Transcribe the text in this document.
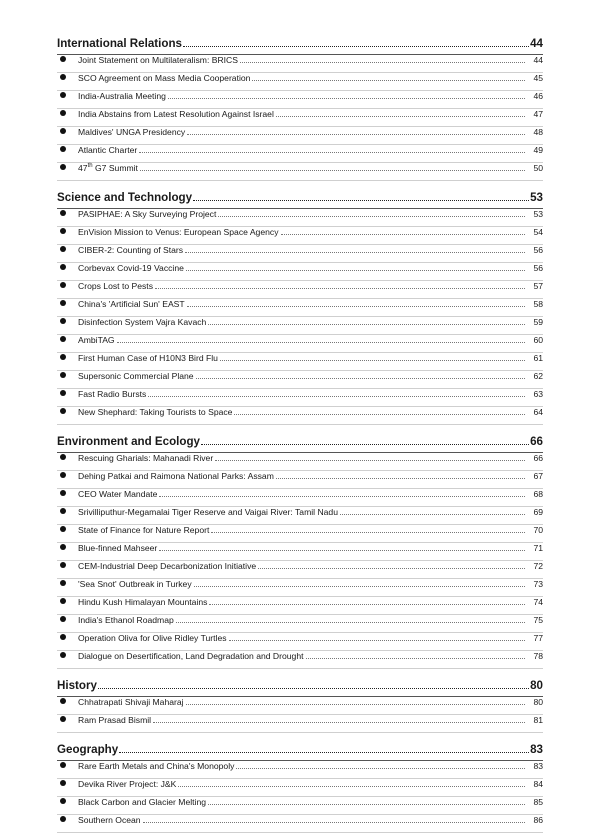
International Relations	44
Joint Statement on Multilateralism: BRICS	44
SCO Agreement on Mass Media Cooperation	45
India-Australia Meeting	46
India Abstains from Latest Resolution Against Israel	47
Maldives' UNGA Presidency	48
Atlantic Charter	49
47th G7 Summit	50
Science and Technology	53
PASIPHAE: A Sky Surveying Project	53
EnVision Mission to Venus: European Space Agency	54
CIBER-2: Counting of Stars	56
Corbevax Covid-19 Vaccine	56
Crops Lost to Pests	57
China's 'Artificial Sun' EAST	58
Disinfection System Vajra Kavach	59
AmbiTAG	60
First Human Case of H10N3 Bird Flu	61
Supersonic Commercial Plane	62
Fast Radio Bursts	63
New Shephard: Taking Tourists to Space	64
Environment and Ecology	66
Rescuing Gharials: Mahanadi River	66
Dehing Patkai and Raimona National Parks: Assam	67
CEO Water Mandate	68
Srivilliputhur-Megamalai Tiger Reserve and Vaigai River: Tamil Nadu	69
State of Finance for Nature Report	70
Blue-finned Mahseer	71
CEM-Industrial Deep Decarbonization Initiative	72
'Sea Snot' Outbreak in Turkey	73
Hindu Kush Himalayan Mountains	74
India's Ethanol Roadmap	75
Operation Oliva for Olive Ridley Turtles	77
Dialogue on Desertification, Land Degradation and Drought	78
History	80
Chhatrapati Shivaji Maharaj	80
Ram Prasad Bismil	81
Geography	83
Rare Earth Metals and China's Monopoly	83
Devika River Project: J&K	84
Black Carbon and Glacier Melting	85
Southern Ocean	86
